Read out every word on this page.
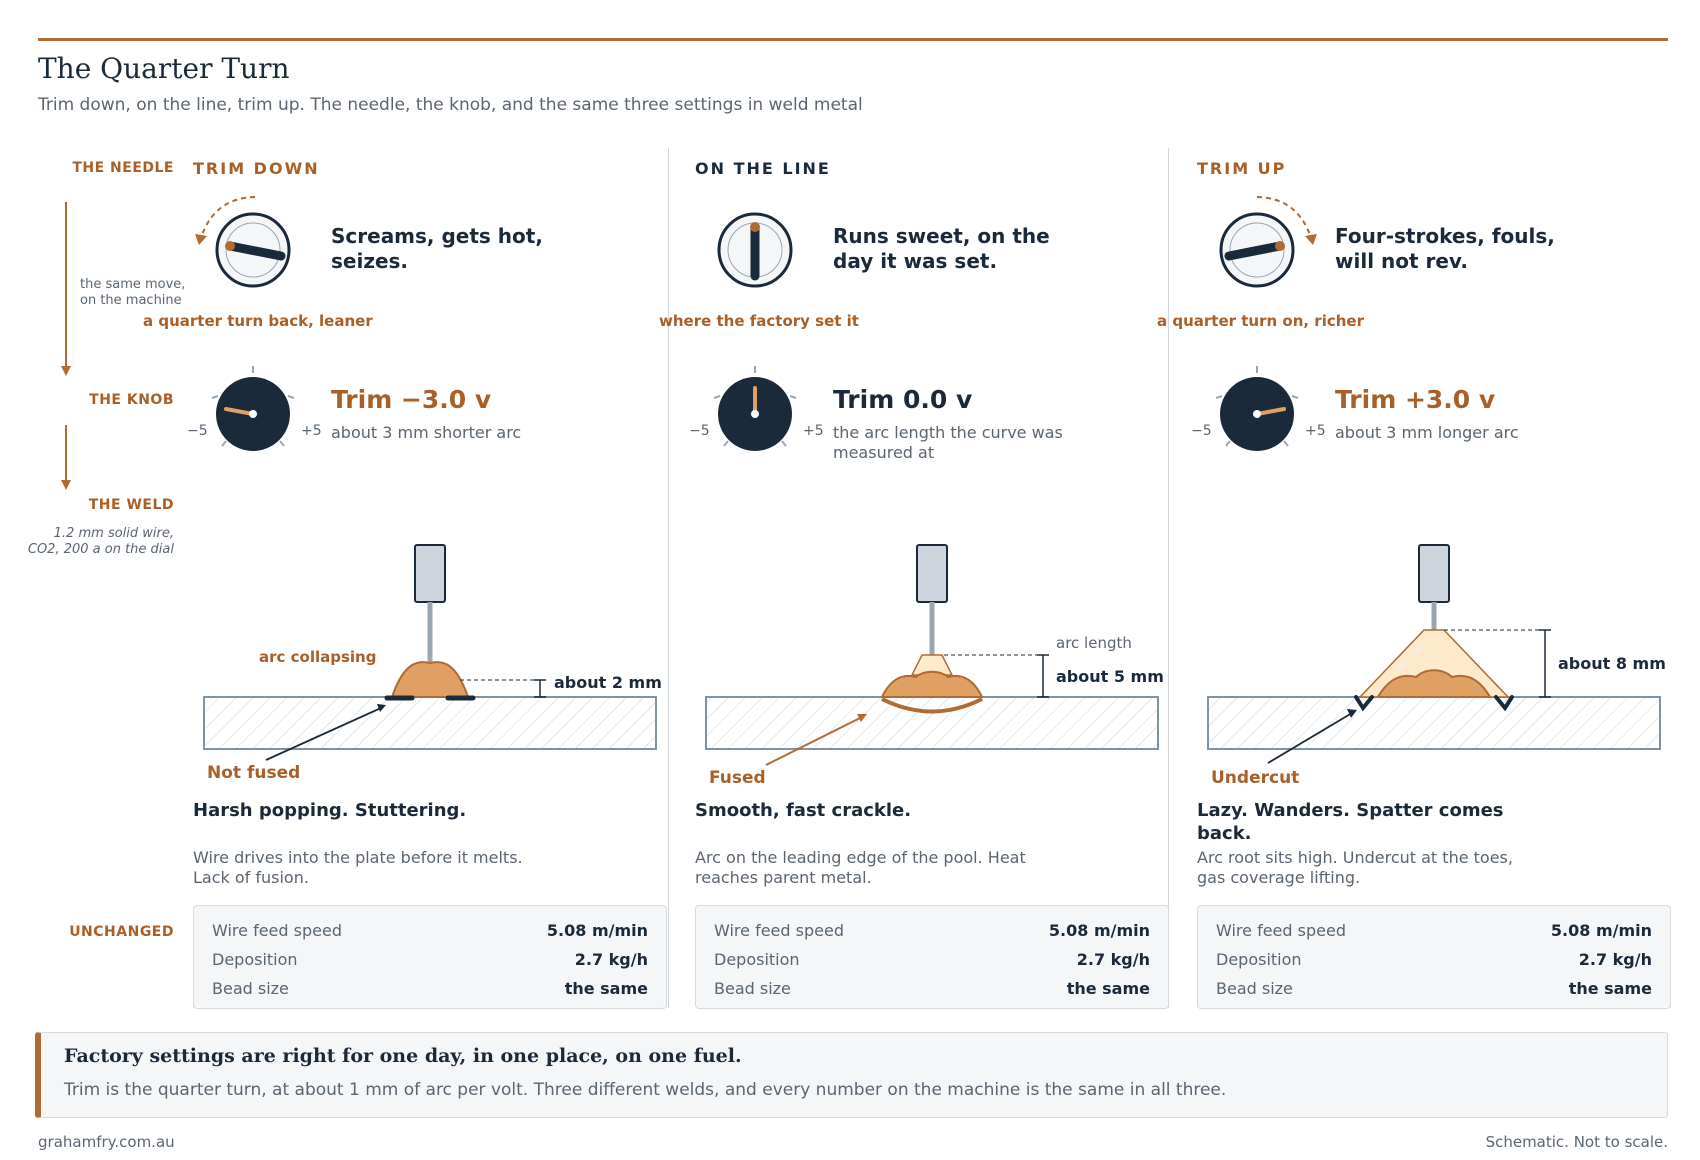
The Quarter Turn
Trim down, on the line, trim up. The needle, the knob, and the same three settings in weld metal
THE NEEDLE
the same move,
on the machine
THE KNOB
THE WELD
1.2 mm solid wire,
CO2, 200 a on the dial
UNCHANGED
TRIM DOWN
Screams, gets hot, seizes.
a quarter turn back, leaner
−5	+5
Trim −3.0 v
about 3 mm shorter arc
arc collapsing
about 2 mm
Not fused
Harsh popping. Stuttering.
Wire drives into the plate before it melts. Lack of fusion.
Wire feed speed	5.08 m/min
Deposition	2.7 kg/h
Bead size	the same
ON THE LINE
Runs sweet, on the day it was set.
where the factory set it
−5	+5
Trim 0.0 v
the arc length the curve was measured at
arc length
about 5 mm
Fused
Smooth, fast crackle.
Arc on the leading edge of the pool. Heat reaches parent metal.
Wire feed speed	5.08 m/min
Deposition	2.7 kg/h
Bead size	the same
TRIM UP
Four-strokes, fouls, will not rev.
a quarter turn on, richer
−5	+5
Trim +3.0 v
about 3 mm longer arc
about 8 mm
Undercut
Lazy. Wanders. Spatter comes back.
Arc root sits high. Undercut at the toes, gas coverage lifting.
Wire feed speed	5.08 m/min
Deposition	2.7 kg/h
Bead size	the same
Factory settings are right for one day, in one place, on one fuel.
Trim is the quarter turn, at about 1 mm of arc per volt. Three different welds, and every number on the machine is the same in all three.
grahamfry.com.au	Schematic. Not to scale.
